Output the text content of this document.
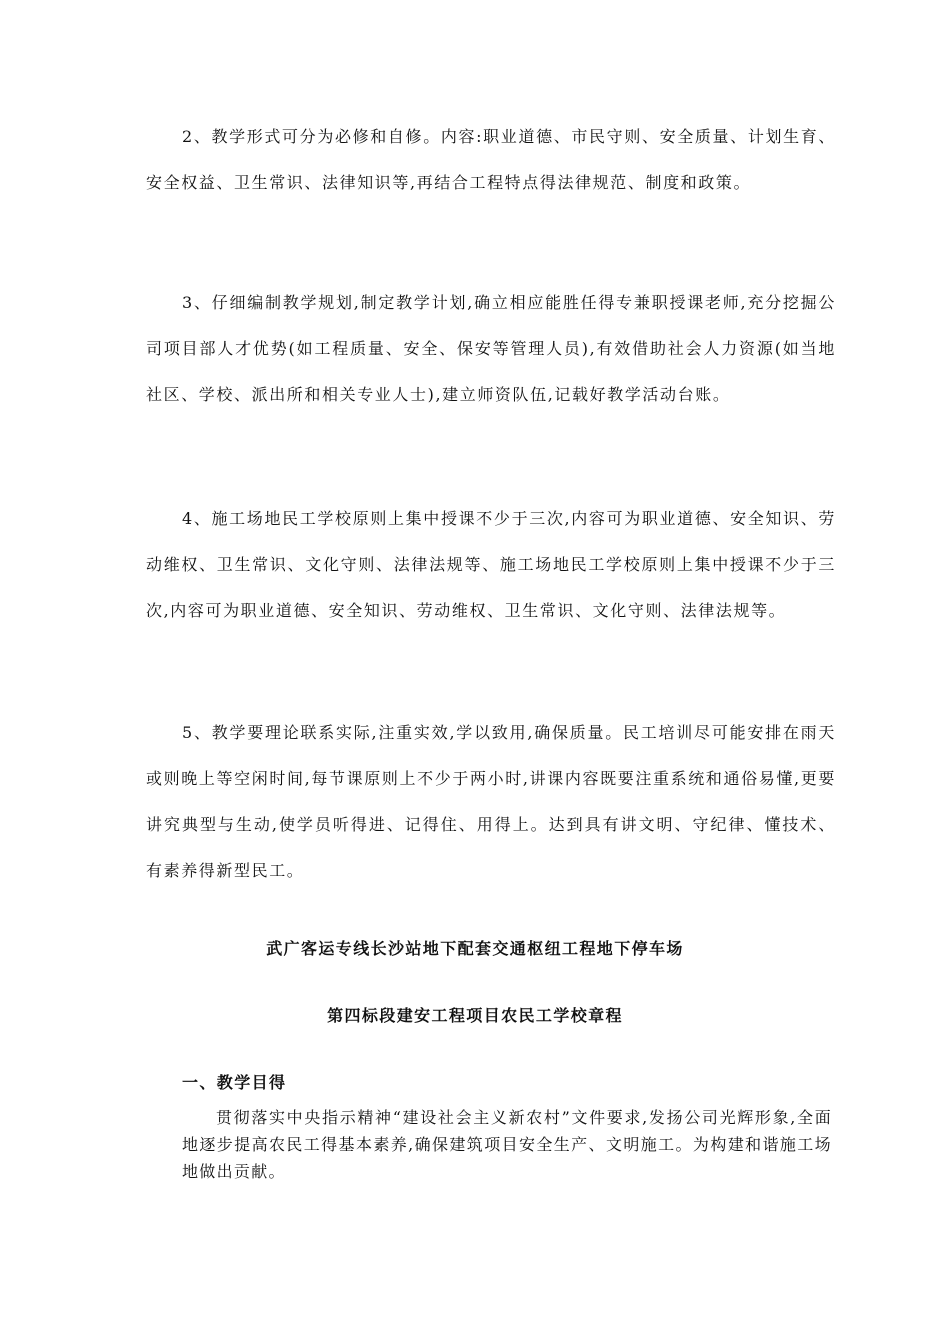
2、教学形式可分为必修和自修。内容:职业道德、市民守则、安全质量、计划生育、安全权益、卫生常识、法律知识等,再结合工程特点得法律规范、制度和政策。

3、仔细编制教学规划,制定教学计划,确立相应能胜任得专兼职授课老师,充分挖掘公司项目部人才优势(如工程质量、安全、保安等管理人员),有效借助社会人力资源(如当地社区、学校、派出所和相关专业人士),建立师资队伍,记载好教学活动台账。

4、施工场地民工学校原则上集中授课不少于三次,内容可为职业道德、安全知识、劳动维权、卫生常识、文化守则、法律法规等、施工场地民工学校原则上集中授课不少于三次,内容可为职业道德、安全知识、劳动维权、卫生常识、文化守则、法律法规等。

5、教学要理论联系实际,注重实效,学以致用,确保质量。民工培训尽可能安排在雨天或则晚上等空闲时间,每节课原则上不少于两小时,讲课内容既要注重系统和通俗易懂,更要讲究典型与生动,使学员听得进、记得住、用得上。达到具有讲文明、守纪律、懂技术、有素养得新型民工。

武广客运专线长沙站地下配套交通枢纽工程地下停车场
第四标段建安工程项目农民工学校章程
一、教学目得

贯彻落实中央指示精神“建设社会主义新农村”文件要求,发扬公司光辉形象,全面地逐步提高农民工得基本素养,确保建筑项目安全生产、文明施工。为构建和谐施工场地做出贡献。
